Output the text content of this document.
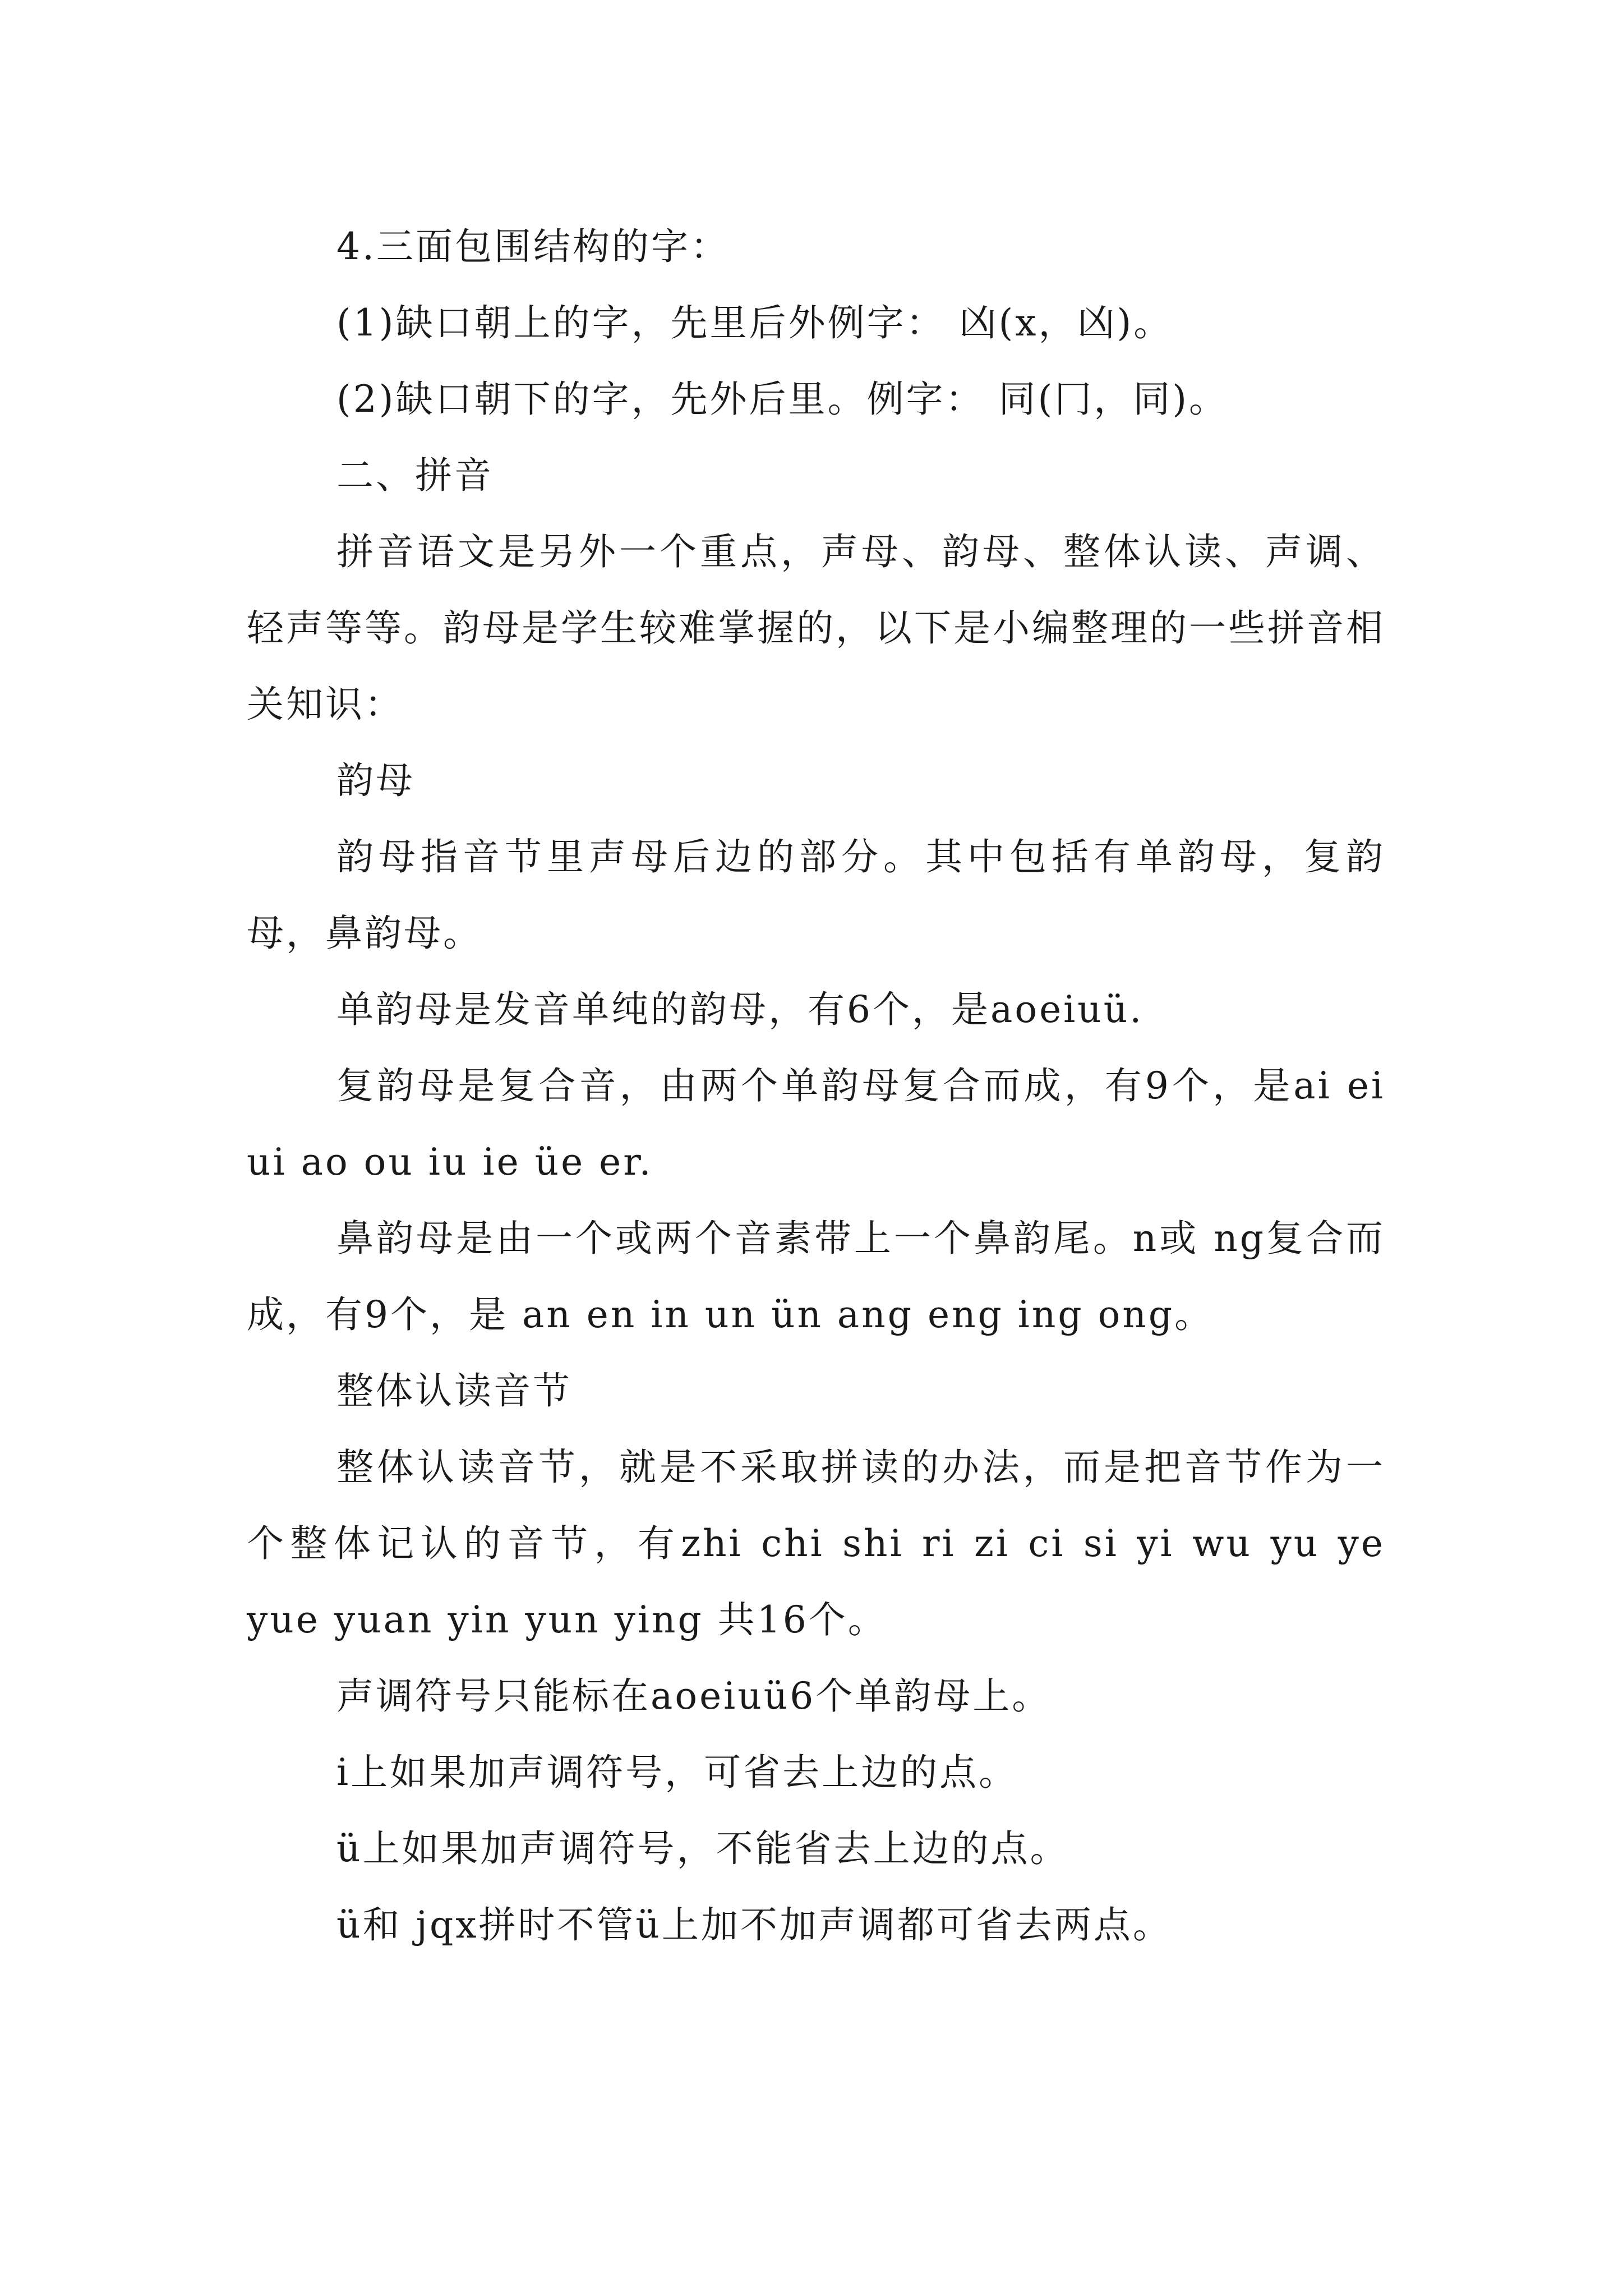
4.三面包围结构的字：

(1)缺口朝上的字，先里后外例字： 凶(x，凶)。

(2)缺口朝下的字，先外后里。例字： 同(冂，同)。

二、拼音

拼音语文是另外一个重点，声母、韵母、整体认读、声调、轻声等等。韵母是学生较难掌握的，以下是小编整理的一些拼音相关知识：

韵母

韵母指音节里声母后边的部分。其中包括有单韵母，复韵母，鼻韵母。

单韵母是发音单纯的韵母，有6个，是aoeiuü.

复韵母是复合音，由两个单韵母复合而成，有9个，是ai ei ui ao ou iu ie üe er.

鼻韵母是由一个或两个音素带上一个鼻韵尾。n或 ng复合而成，有9个，是 an en in un ün ang eng ing ong。

整体认读音节

整体认读音节，就是不采取拼读的办法，而是把音节作为一个整体记认的音节，有zhi chi shi ri zi ci si yi wu yu ye yue yuan yin yun ying 共16个。

声调符号只能标在aoeiuü6个单韵母上。

i上如果加声调符号，可省去上边的点。

ü上如果加声调符号，不能省去上边的点。

ü和 jqx拼时不管ü上加不加声调都可省去两点。
